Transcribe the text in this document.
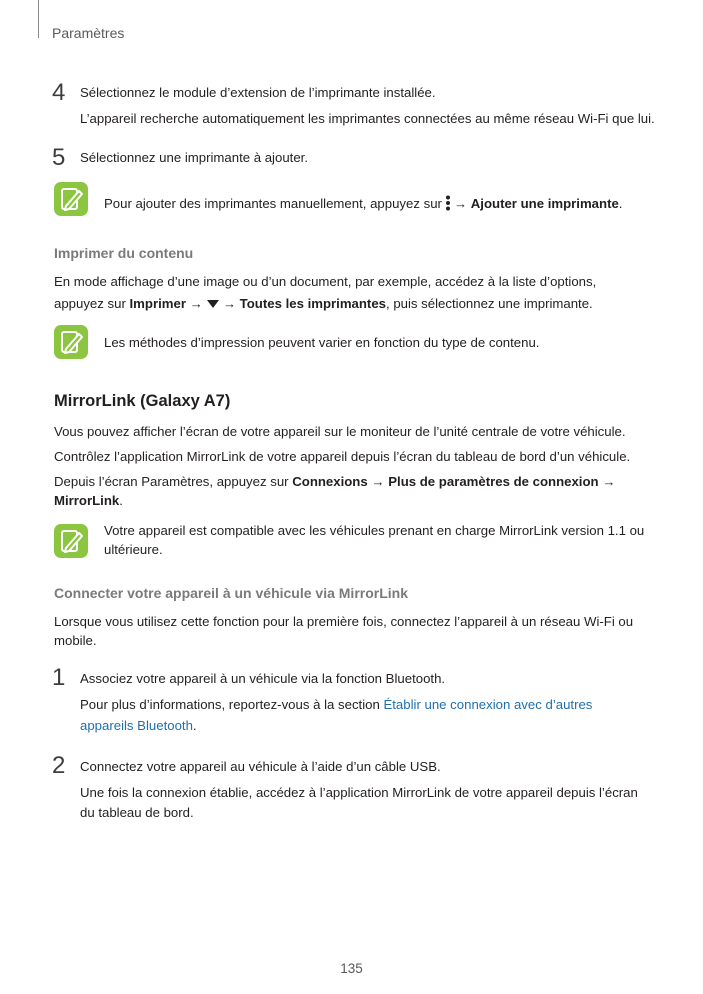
Paramètres
4 Sélectionnez le module d’extension de l’imprimante installée.
L’appareil recherche automatiquement les imprimantes connectées au même réseau Wi-Fi que lui.
5 Sélectionnez une imprimante à ajouter.
Pour ajouter des imprimantes manuellement, appuyez sur → Ajouter une imprimante.
Imprimer du contenu
En mode affichage d’une image ou d’un document, par exemple, accédez à la liste d’options,
appuyez sur Imprimer → → Toutes les imprimantes, puis sélectionnez une imprimante.
Les méthodes d’impression peuvent varier en fonction du type de contenu.
MirrorLink (Galaxy A7)
Vous pouvez afficher l’écran de votre appareil sur le moniteur de l’unité centrale de votre véhicule.
Contrôlez l’application MirrorLink de votre appareil depuis l’écran du tableau de bord d’un véhicule.
Depuis l’écran Paramètres, appuyez sur Connexions → Plus de paramètres de connexion →
MirrorLink.
Votre appareil est compatible avec les véhicules prenant en charge MirrorLink version 1.1 ou
ultérieure.
Connecter votre appareil à un véhicule via MirrorLink
Lorsque vous utilisez cette fonction pour la première fois, connectez l’appareil à un réseau Wi-Fi ou
mobile.
1 Associez votre appareil à un véhicule via la fonction Bluetooth.
Pour plus d’informations, reportez-vous à la section Établir une connexion avec d’autres
appareils Bluetooth.
2 Connectez votre appareil au véhicule à l’aide d’un câble USB.
Une fois la connexion établie, accédez à l’application MirrorLink de votre appareil depuis l’écran
du tableau de bord.
135
